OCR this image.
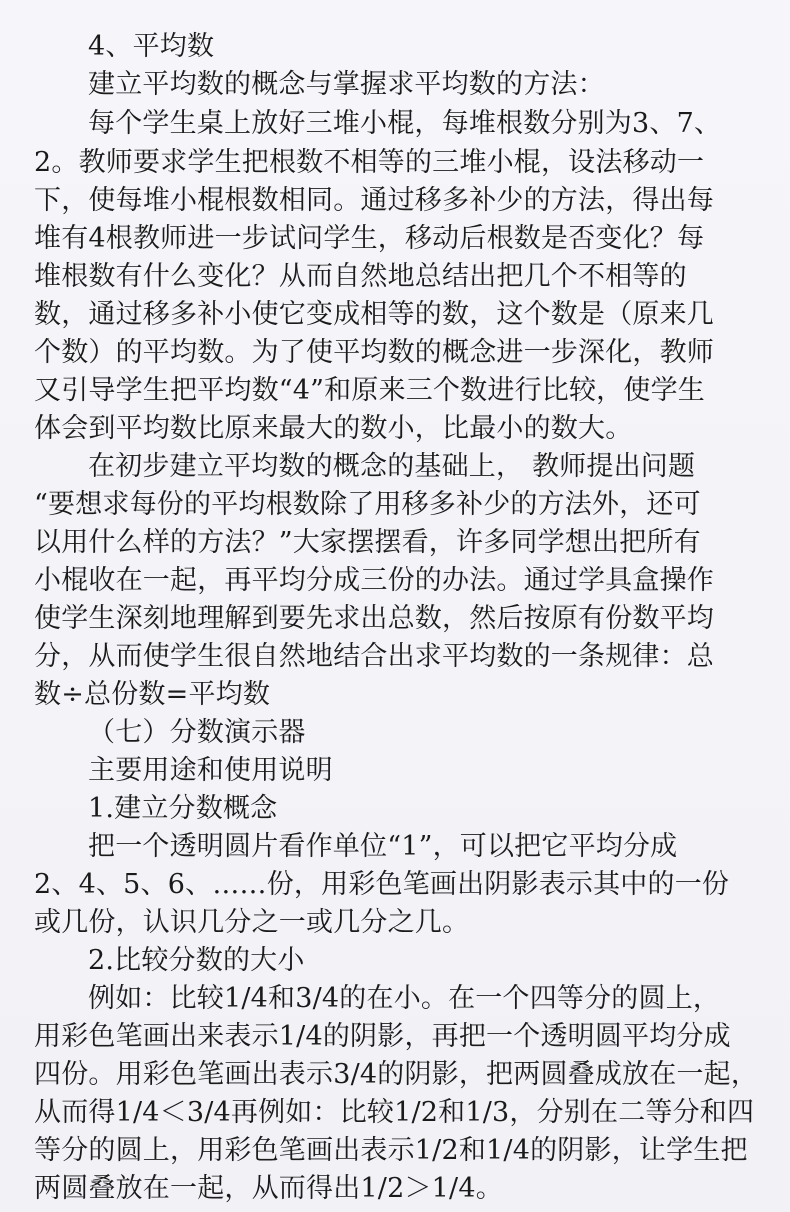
4、平均数
建立平均数的概念与掌握求平均数的方法：
每个学生桌上放好三堆小棍，每堆根数分别为3、7、
2。教师要求学生把根数不相等的三堆小棍，设法移动一
下，使每堆小棍根数相同。通过移多补少的方法，得出每
堆有4根教师进一步试问学生，移动后根数是否变化？每
堆根数有什么变化？从而自然地总结出把几个不相等的
数，通过移多补小使它变成相等的数，这个数是（原来几
个数）的平均数。为了使平均数的概念进一步深化，教师
又引导学生把平均数“4”和原来三个数进行比较，使学生
体会到平均数比原来最大的数小，比最小的数大。
在初步建立平均数的概念的基础上， 教师提出问题
“要想求每份的平均根数除了用移多补少的方法外，还可
以用什么样的方法？”大家摆摆看，许多同学想出把所有
小棍收在一起，再平均分成三份的办法。通过学具盒操作
使学生深刻地理解到要先求出总数，然后按原有份数平均
分，从而使学生很自然地结合出求平均数的一条规律：总
数÷总份数=平均数
（七）分数演示器
主要用途和使用说明
1.建立分数概念
把一个透明圆片看作单位“1”，可以把它平均分成
2、4、5、6、……份，用彩色笔画出阴影表示其中的一份
或几份，认识几分之一或几分之几。
2.比较分数的大小
例如：比较1/4和3/4的在小。在一个四等分的圆上，
用彩色笔画出来表示1/4的阴影，再把一个透明圆平均分成
四份。用彩色笔画出表示3/4的阴影，把两圆叠成放在一起，
从而得1/4＜3/4再例如：比较1/2和1/3，分别在二等分和四
等分的圆上，用彩色笔画出表示1/2和1/4的阴影，让学生把
两圆叠放在一起，从而得出1/2＞1/4。
